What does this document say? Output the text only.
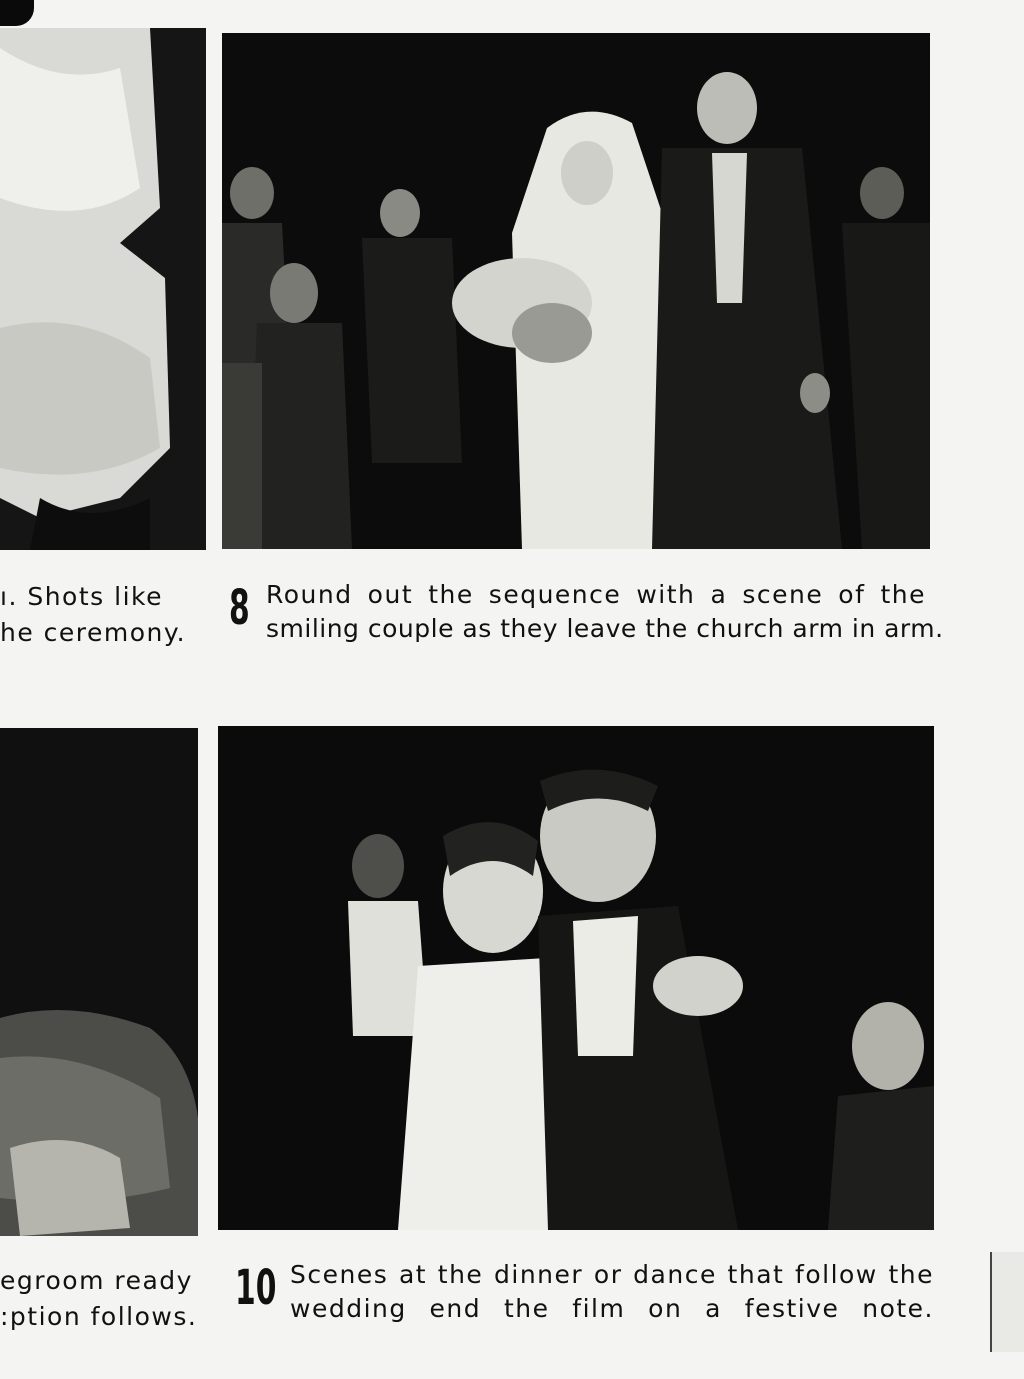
ı. Shots like
he ceremony. 8 Round out the sequence with a scene of the
smiling couple as they leave the church arm in arm.
egroom ready
:ption follows.
10 Scenes at the dinner or dance that follow the
wedding end the film on a festive note.
